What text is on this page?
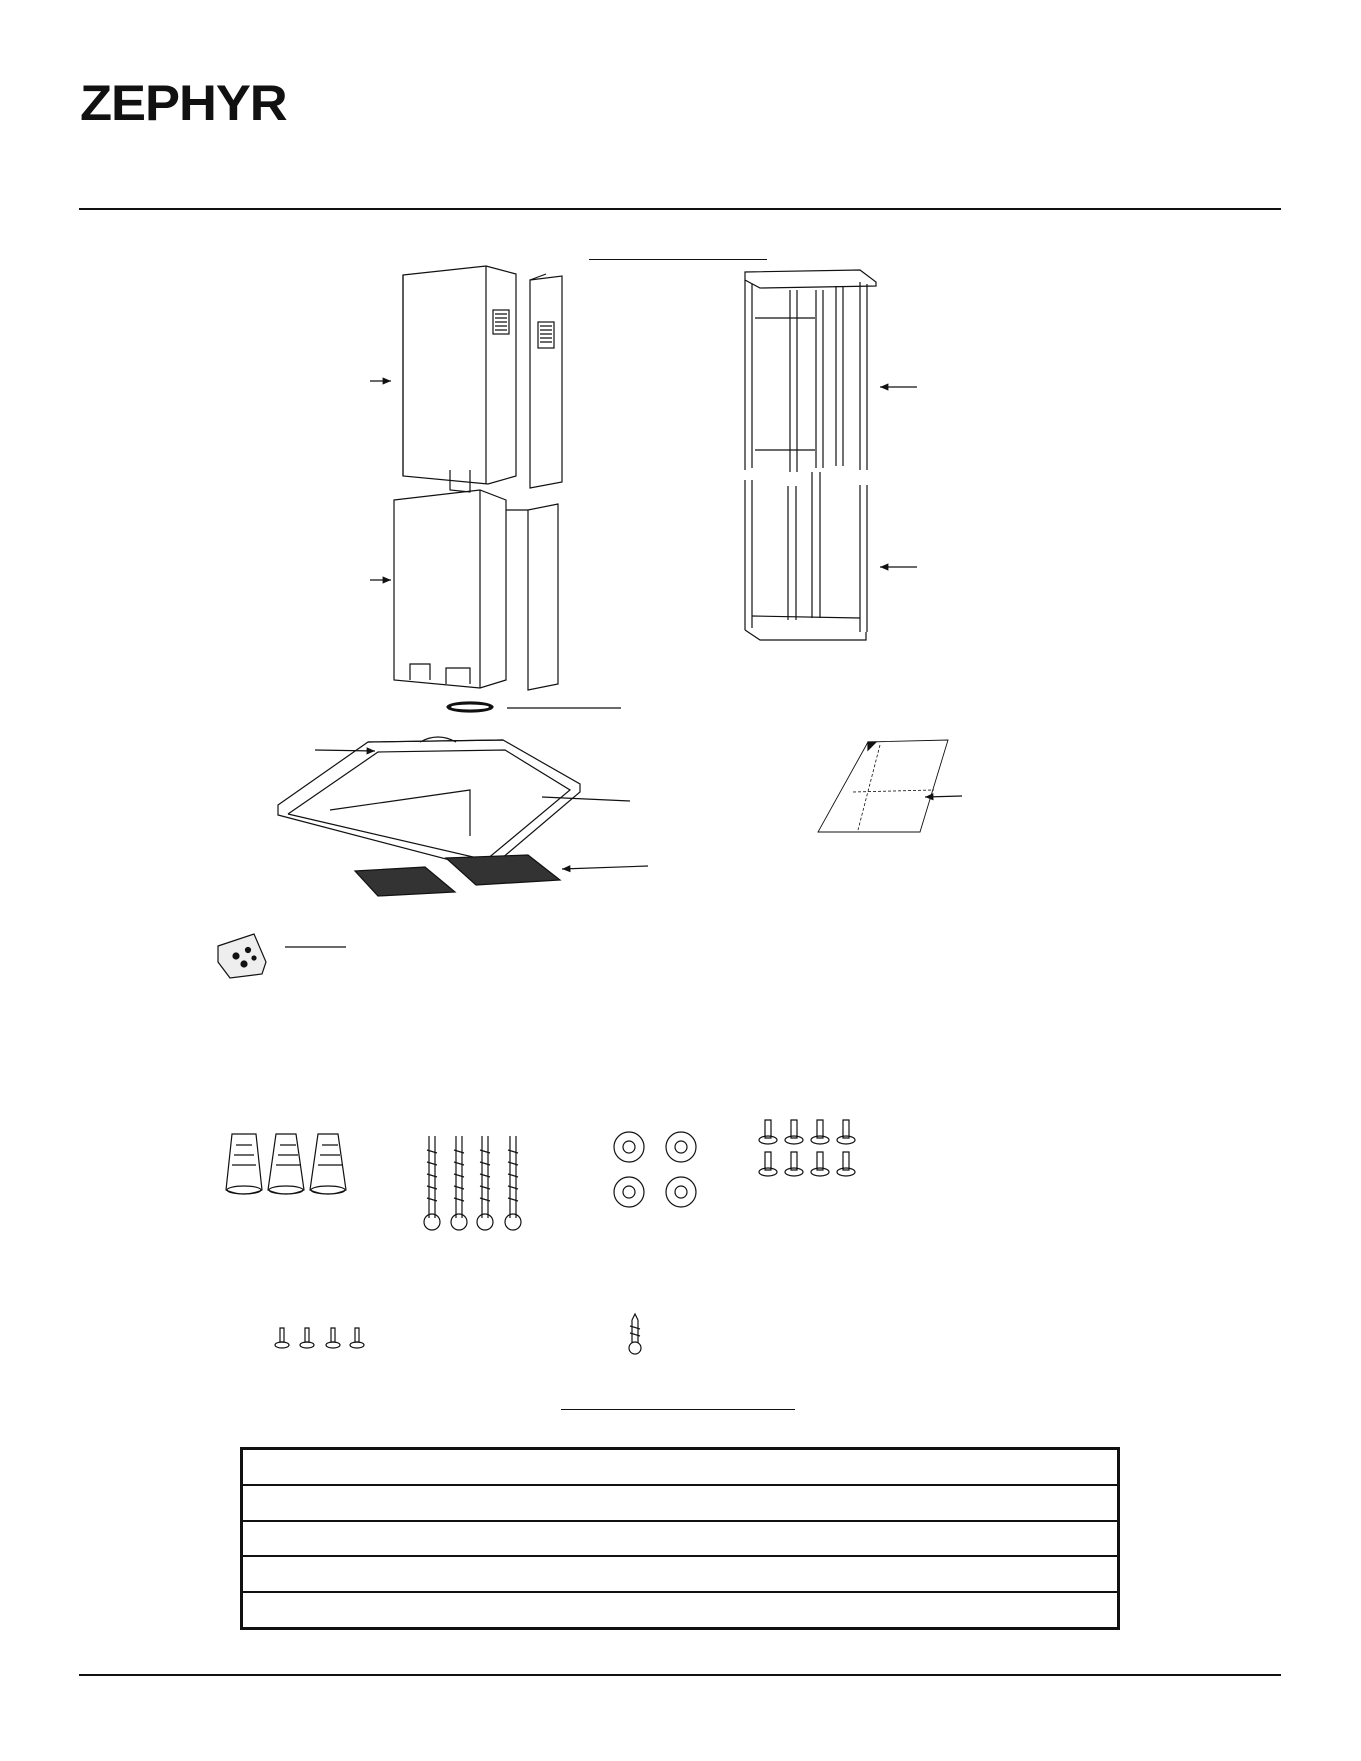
ZEPHYR
